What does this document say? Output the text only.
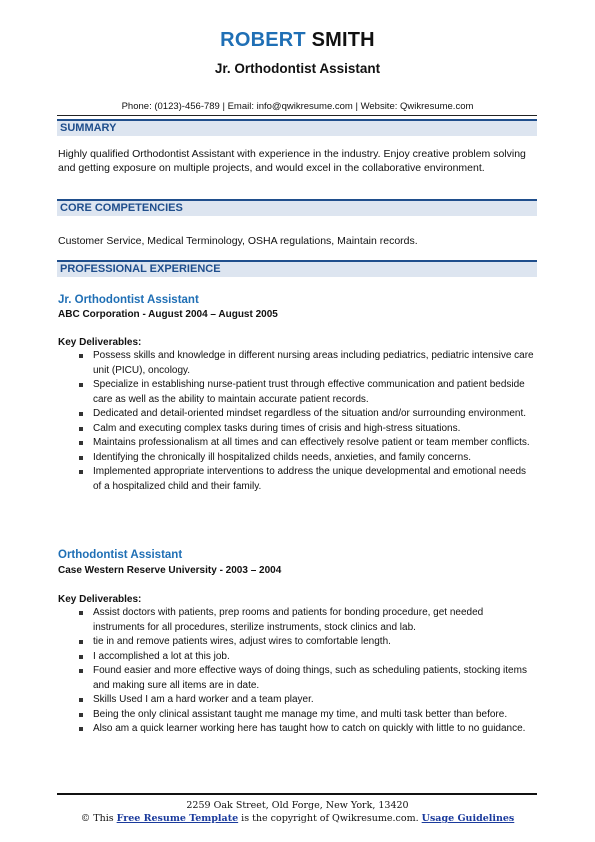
ROBERT SMITH
Jr. Orthodontist Assistant
Phone: (0123)-456-789 | Email: info@qwikresume.com | Website: Qwikresume.com
SUMMARY
Highly qualified Orthodontist Assistant with experience in the industry. Enjoy creative problem solving and getting exposure on multiple projects, and would excel in the collaborative environment.
CORE COMPETENCIES
Customer Service, Medical Terminology, OSHA regulations, Maintain records.
PROFESSIONAL EXPERIENCE
Jr. Orthodontist Assistant
ABC Corporation - August 2004 – August 2005
Key Deliverables:
Possess skills and knowledge in different nursing areas including pediatrics, pediatric intensive care unit (PICU), oncology.
Specialize in establishing nurse-patient trust through effective communication and patient bedside care as well as the ability to maintain accurate patient records.
Dedicated and detail-oriented mindset regardless of the situation and/or surrounding environment.
Calm and executing complex tasks during times of crisis and high-stress situations.
Maintains professionalism at all times and can effectively resolve patient or team member conflicts.
Identifying the chronically ill hospitalized childs needs, anxieties, and family concerns.
Implemented appropriate interventions to address the unique developmental and emotional needs of a hospitalized child and their family.
Orthodontist Assistant
Case Western Reserve University - 2003 – 2004
Key Deliverables:
Assist doctors with patients, prep rooms and patients for bonding procedure, get needed instruments for all procedures, sterilize instruments, stock clinics and lab.
tie in and remove patients wires, adjust wires to comfortable length.
I accomplished a lot at this job.
Found easier and more effective ways of doing things, such as scheduling patients, stocking items and making sure all items are in date.
Skills Used I am a hard worker and a team player.
Being the only clinical assistant taught me manage my time, and multi task better than before.
Also am a quick learner working here has taught how to catch on quickly with little to no guidance.
2259 Oak Street, Old Forge, New York, 13420
© This Free Resume Template is the copyright of Qwikresume.com. Usage Guidelines
